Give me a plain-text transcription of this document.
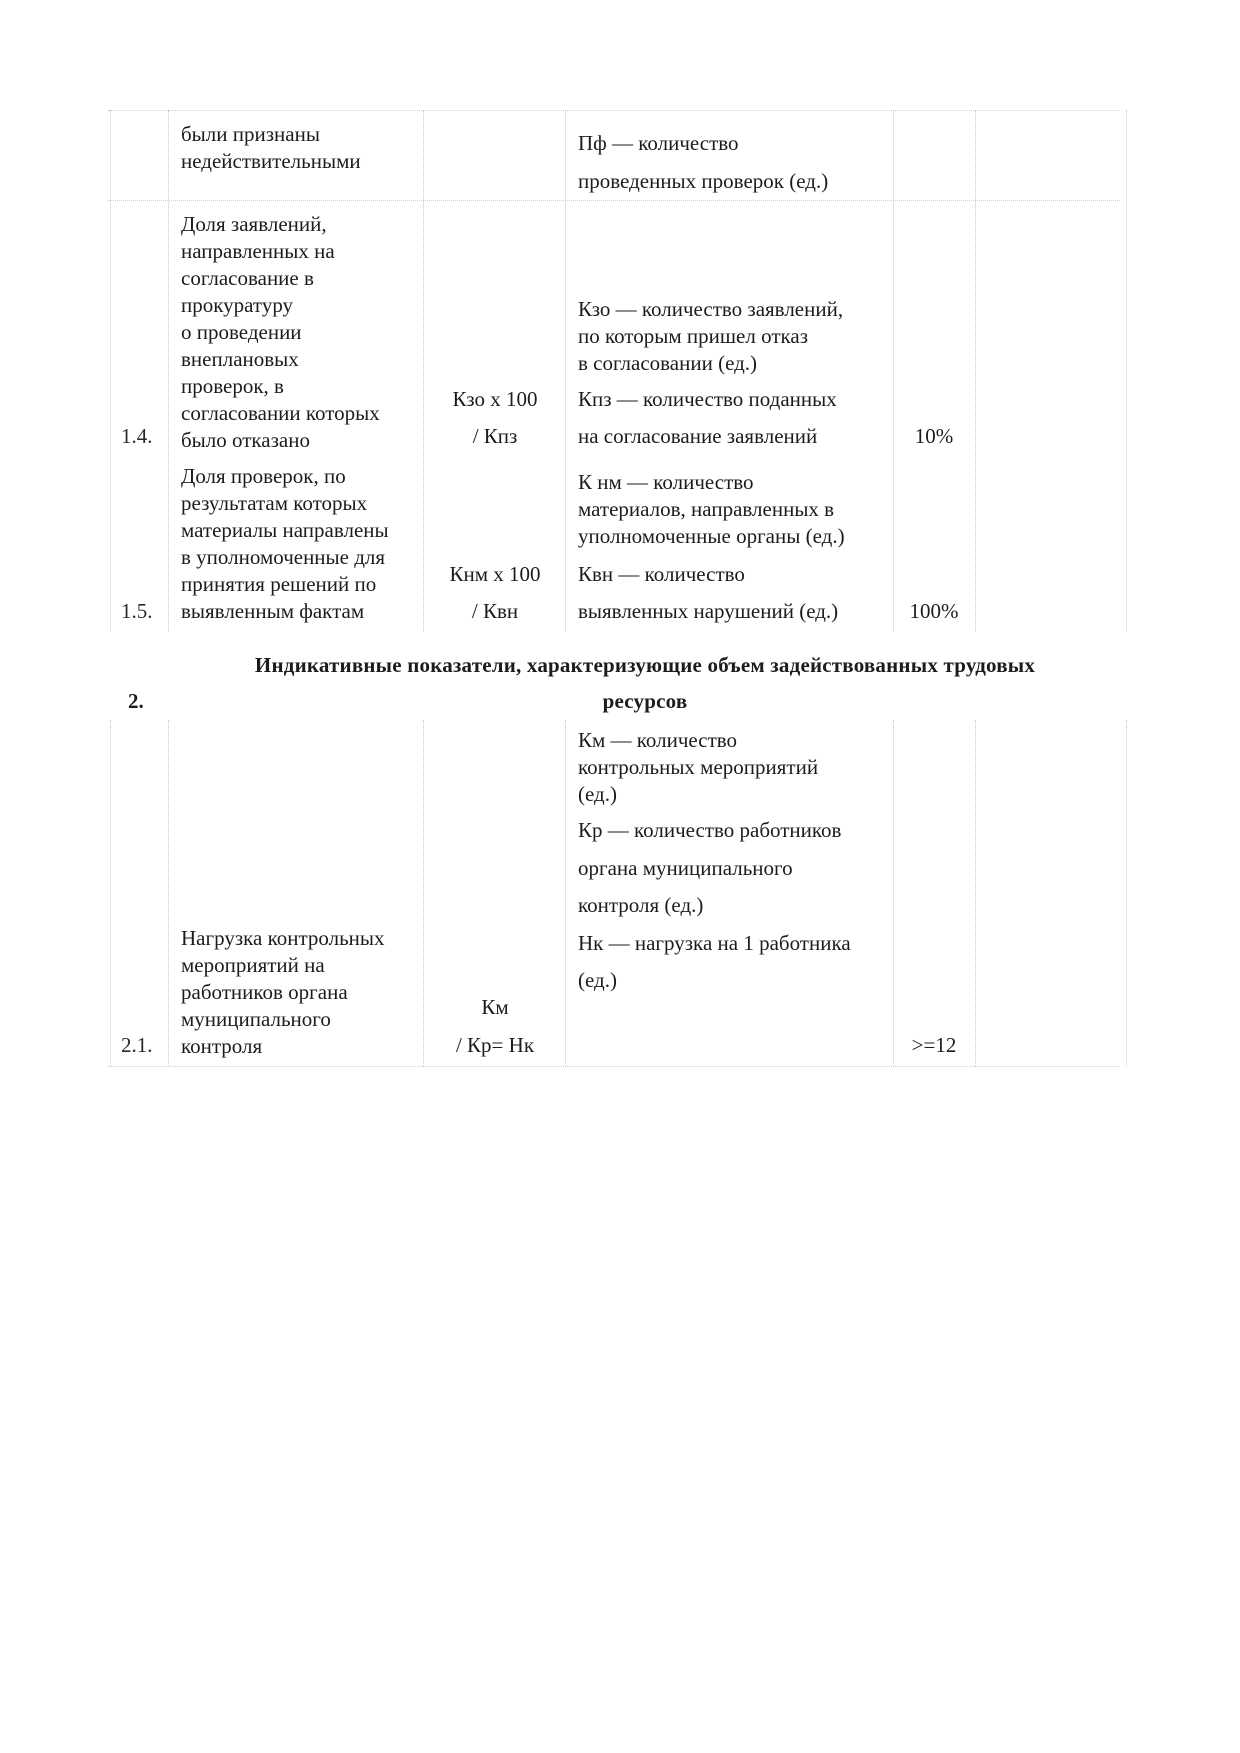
были признаны
недействительными
Пф — количество
проведенных проверок (ед.)
1.4.
Доля заявлений,
направленных на
согласование в
прокуратуру
о проведении
внеплановых
проверок, в
согласовании которых
было отказано
Кзо х 100
/ Кпз
Кзо — количество заявлений,
по которым пришел отказ
в согласовании (ед.)
Кпз — количество поданных
на согласование заявлений	10%
1.5.
Доля проверок, по
результатам которых
материалы направлены
в уполномоченные для
принятия решений по
выявленным фактам
Кнм х 100
/ Квн
К нм — количество
материалов, направленных в
уполномоченные органы (ед.)
Квн — количество
выявленных нарушений (ед.)	100%
2.
Индикативные показатели, характеризующие объем задействованных трудовых
ресурсов
2.1.
Нагрузка контрольных
мероприятий на
работников органа
муниципального
контроля
Км
/ Кр= Нк
Км — количество
контрольных мероприятий
(ед.)
Кр — количество работников
органа муниципального
контроля (ед.)
Нк — нагрузка на 1 работника
(ед.)
>=12
